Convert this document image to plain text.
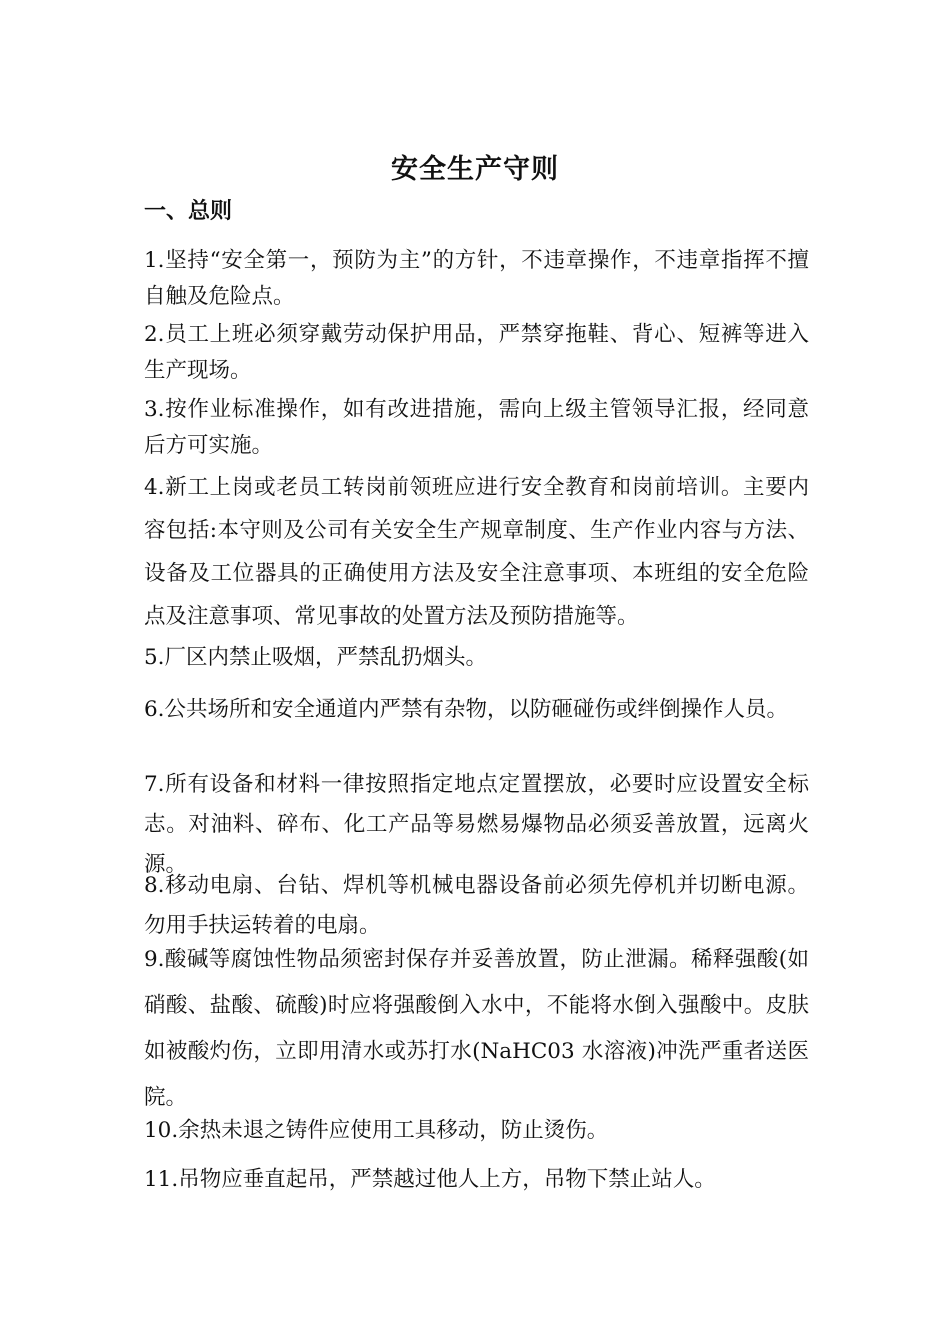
安全生产守则
一、总则

1.坚持“安全第一，预防为主”的方针，不违章操作，不违章指挥不擅自触及危险点。

2.员工上班必须穿戴劳动保护用品，严禁穿拖鞋、背心、短裤等进入生产现场。

3.按作业标准操作，如有改进措施，需向上级主管领导汇报，经同意后方可实施。

4.新工上岗或老员工转岗前领班应进行安全教育和岗前培训。主要内容包括:本守则及公司有关安全生产规章制度、生产作业内容与方法、设备及工位器具的正确使用方法及安全注意事项、本班组的安全危险点及注意事项、常见事故的处置方法及预防措施等。

5.厂区内禁止吸烟，严禁乱扔烟头。

6.公共场所和安全通道内严禁有杂物，以防砸碰伤或绊倒操作人员。

7.所有设备和材料一律按照指定地点定置摆放，必要时应设置安全标志。对油料、碎布、化工产品等易燃易爆物品必须妥善放置，远离火源。

8.移动电扇、台钻、焊机等机械电器设备前必须先停机并切断电源。勿用手扶运转着的电扇。

9.酸碱等腐蚀性物品须密封保存并妥善放置，防止泄漏。稀释强酸(如硝酸、盐酸、硫酸)时应将强酸倒入水中，不能将水倒入强酸中。皮肤如被酸灼伤，立即用清水或苏打水(NaHC03 水溶液)冲洗严重者送医院。

10.余热未退之铸件应使用工具移动，防止烫伤。

11.吊物应垂直起吊，严禁越过他人上方，吊物下禁止站人。
